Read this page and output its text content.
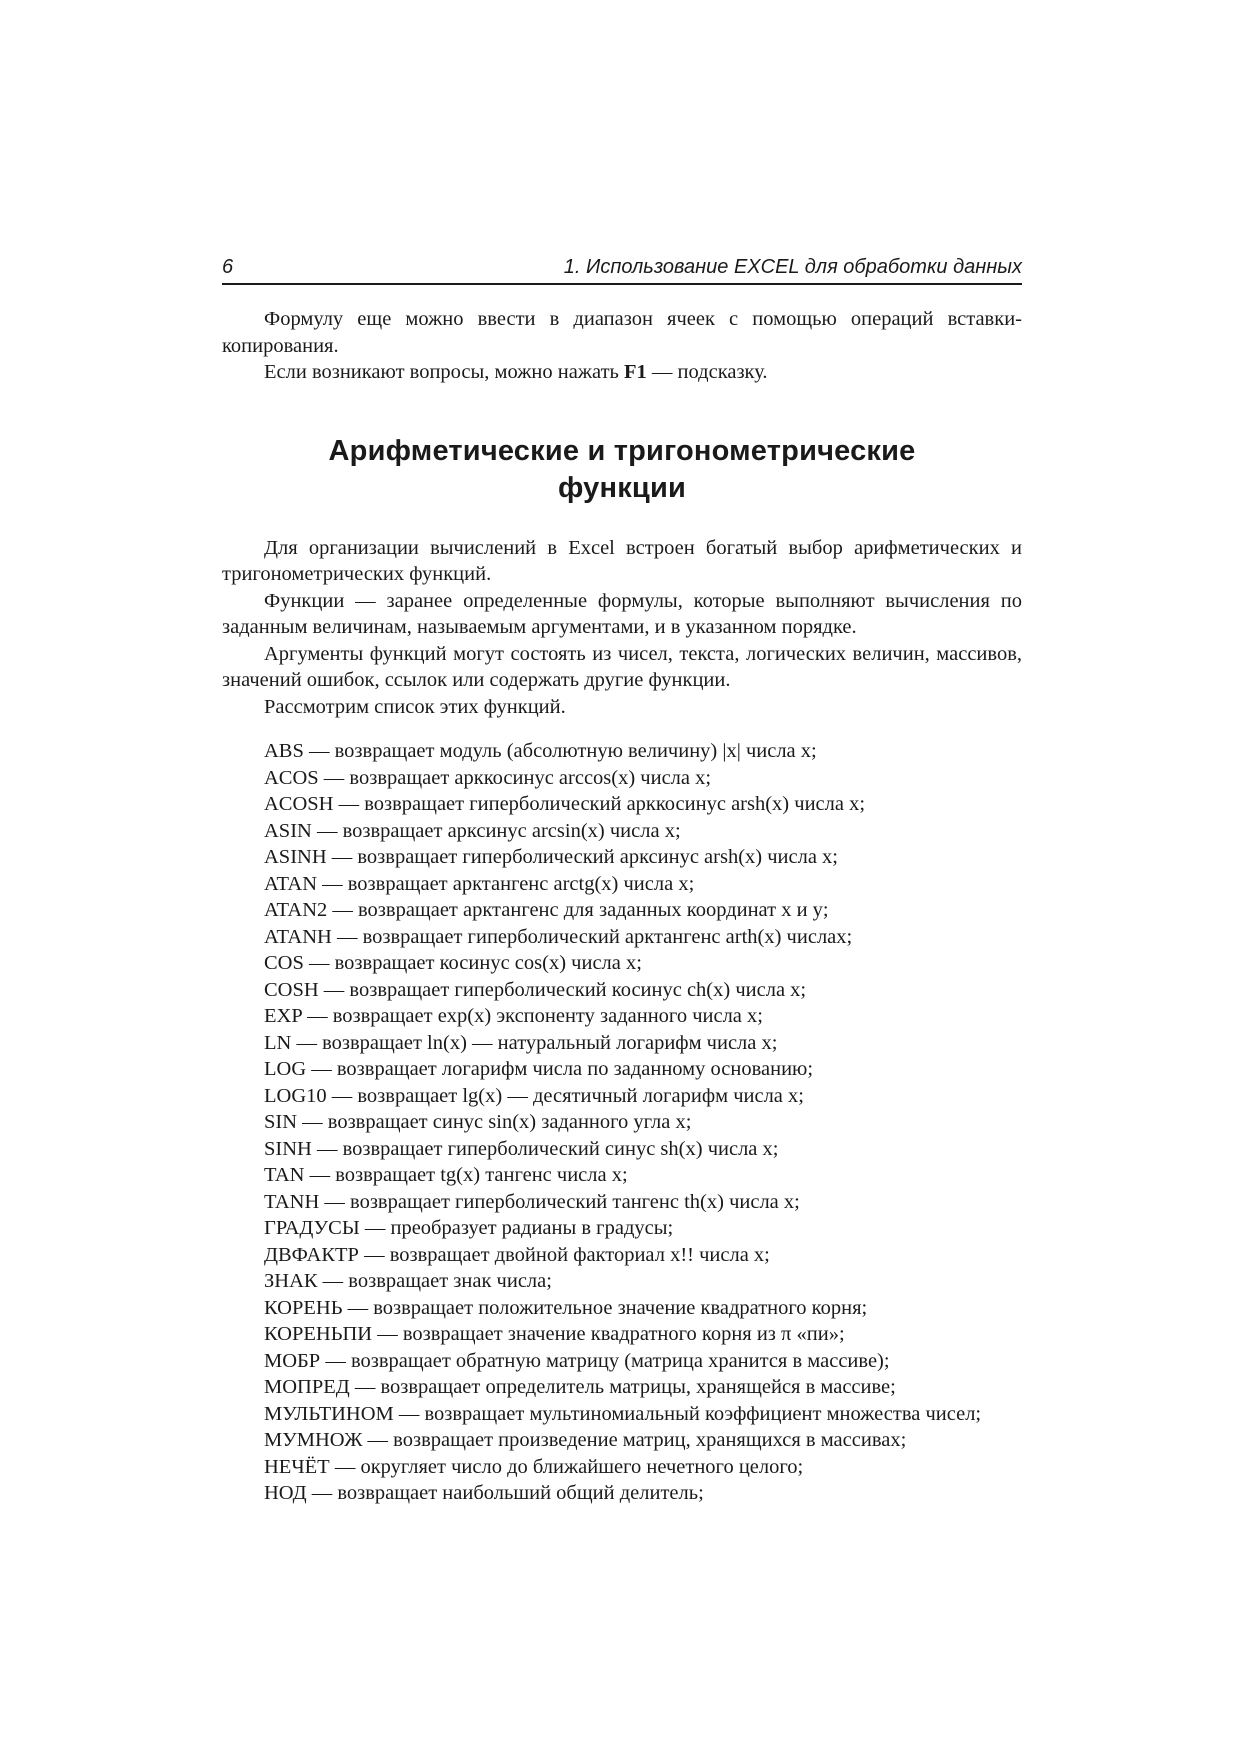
6	1. Использование EXCEL для обработки данных

Формулу еще можно ввести в диапазон ячеек с помощью операций вставки-копирования.

Если возникают вопросы, можно нажать F1 — подсказку.

Арифметические и тригонометрические
функции

Для организации вычислений в Excel встроен богатый выбор арифметических и тригонометрических функций.

Функции — заранее определенные формулы, которые выполняют вычисления по заданным величинам, называемым аргументами, и в указанном порядке.

Аргументы функций могут состоять из чисел, текста, логических величин, массивов, значений ошибок, ссылок или содержать другие функции.

Рассмотрим список этих функций.

ABS — возвращает модуль (абсолютную величину) |x| числа x;

ACOS — возвращает арккосинус arccos(x) числа x;

ACOSH — возвращает гиперболический арккосинус arsh(x) числа x;

ASIN — возвращает арксинус arcsin(x) числа x;

ASINH — возвращает гиперболический арксинус arsh(x) числа x;

ATAN — возвращает арктангенс arctg(x) числа x;

ATAN2 — возвращает арктангенс для заданных координат x и y;

ATANH — возвращает гиперболический арктангенс arth(x) числах;

COS — возвращает косинус cos(x) числа x;

COSH — возвращает гиперболический косинус ch(x) числа x;

EXP — возвращает exp(x) экспоненту заданного числа x;

LN — возвращает ln(x) — натуральный логарифм числа x;

LOG — возвращает логарифм числа по заданному основанию;

LOG10 — возвращает lg(x) — десятичный логарифм числа x;

SIN — возвращает синус sin(x) заданного угла x;

SINH — возвращает гиперболический синус sh(x) числа x;

TAN — возвращает tg(x) тангенс числа x;

TANH — возвращает гиперболический тангенс th(x) числа x;

ГРАДУСЫ — преобразует радианы в градусы;

ДВФАКТР — возвращает двойной факториал x!! числа x;

ЗНАК — возвращает знак числа;

КОРЕНЬ — возвращает положительное значение квадратного корня;

КОРЕНЬПИ — возвращает значение квадратного корня из π «пи»;

МОБР — возвращает обратную матрицу (матрица хранится в массиве);

МОПРЕД — возвращает определитель матрицы, хранящейся в массиве;

МУЛЬТИНОМ — возвращает мультиномиальный коэффициент множества чисел;

МУМНОЖ — возвращает произведение матриц, хранящихся в массивах;

НЕЧЁТ — округляет число до ближайшего нечетного целого;

НОД — возвращает наибольший общий делитель;
